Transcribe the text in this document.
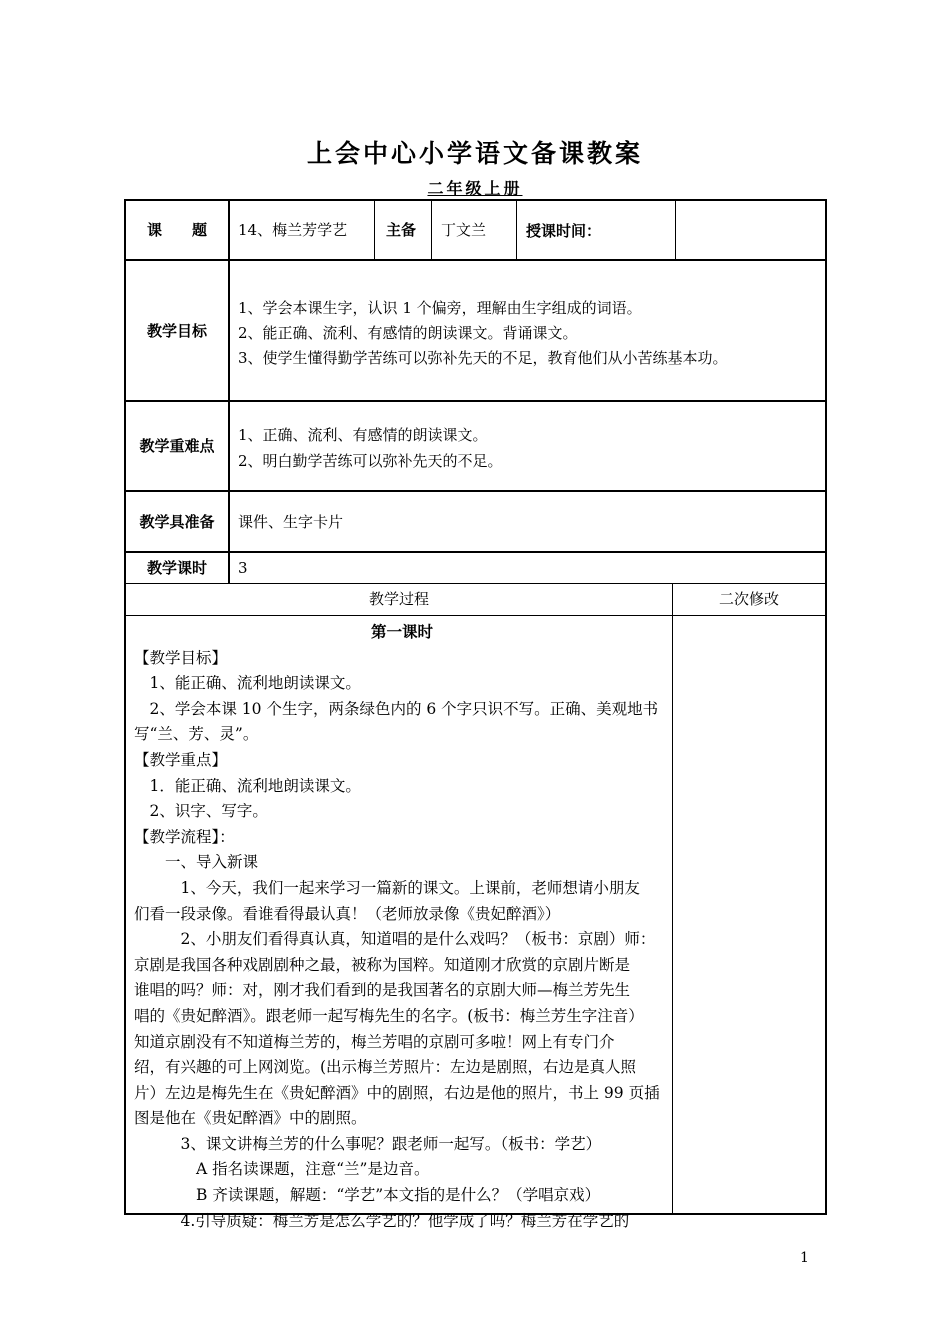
上会中心小学语文备课教案
二年级上册
课　　题	14、梅兰芳学艺	主备 丁文兰	授课时间：
教学目标
1、学会本课生字，认识 1 个偏旁，理解由生字组成的词语。
2、能正确、流利、有感情的朗读课文。背诵课文。
3、使学生懂得勤学苦练可以弥补先天的不足，教育他们从小苦练基本功。
教学重难点
1、正确、流利、有感情的朗读课文。
2、明白勤学苦练可以弥补先天的不足。
教学具准备	课件、生字卡片
教学课时	3
教学过程	二次修改
第一课时
【教学目标】
　1、能正确、流利地朗读课文。
　2、学会本课 10 个生字，两条绿色内的 6 个字只识不写。正确、美观地书
写“兰、芳、灵”。
【教学重点】
　1．能正确、流利地朗读课文。
　2、识字、写字。
【教学流程】：
　　一、导入新课
　　　1、今天，我们一起来学习一篇新的课文。上课前，老师想请小朋友
们看一段录像。看谁看得最认真！（老师放录像《贵妃醉酒》）
　　　2、小朋友们看得真认真，知道唱的是什么戏吗？（板书：京剧）师：
京剧是我国各种戏剧剧种之最，被称为国粹。知道刚才欣赏的京剧片断是
谁唱的吗？师：对，刚才我们看到的是我国著名的京剧大师—梅兰芳先生
唱的《贵妃醉酒》。跟老师一起写梅先生的名字。(板书：梅兰芳生字注音）
知道京剧没有不知道梅兰芳的，梅兰芳唱的京剧可多啦！网上有专门介
绍，有兴趣的可上网浏览。(出示梅兰芳照片：左边是剧照，右边是真人照
片）左边是梅先生在《贵妃醉酒》中的剧照，右边是他的照片，书上 99 页插
图是他在《贵妃醉酒》中的剧照。
　　　3、课文讲梅兰芳的什么事呢？跟老师一起写。（板书：学艺）
　　　　A 指名读课题，注意“兰”是边音。
　　　　B 齐读课题，解题：“学艺”本文指的是什么？（学唱京戏）
　　　4.引导质疑：梅兰芳是怎么学艺的？他学成了吗？梅兰芳在学艺的
1
